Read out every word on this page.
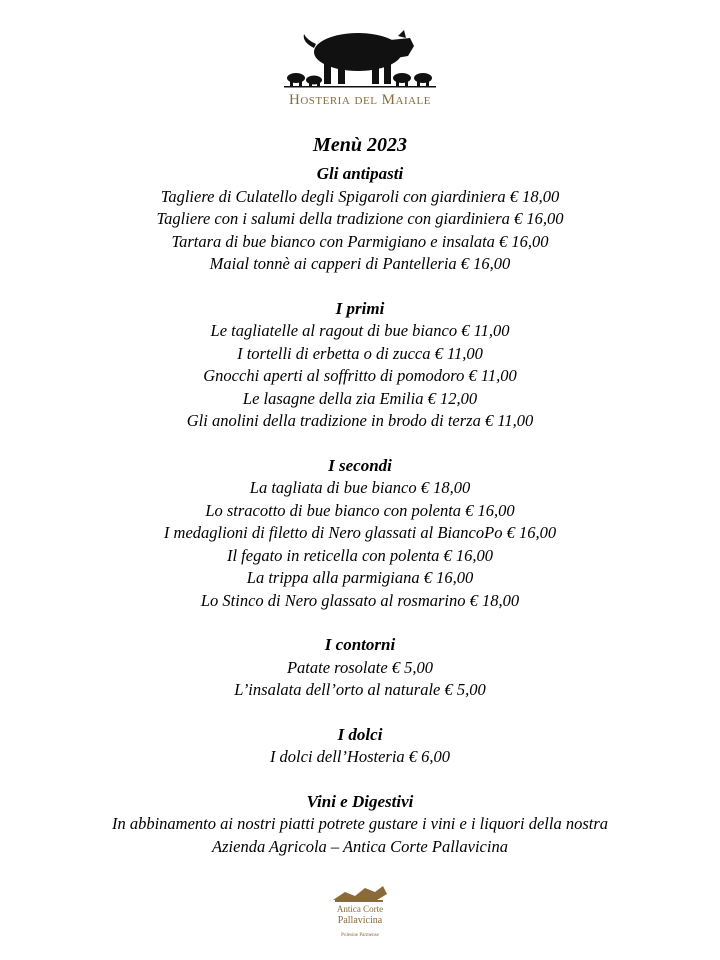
Hosteria del Maiale
Menù 2023
Gli antipasti
Tagliere di Culatello degli Spigaroli con giardiniera € 18,00
Tagliere con i salumi della tradizione con giardiniera € 16,00
Tartara di bue bianco con Parmigiano e insalata € 16,00
Maial tonnè ai capperi di Pantelleria € 16,00
I primi
Le tagliatelle al ragout di bue bianco € 11,00
I tortelli di erbetta o di zucca € 11,00
Gnocchi aperti al soffritto di pomodoro € 11,00
Le lasagne della zia Emilia € 12,00
Gli anolini della tradizione in brodo di terza € 11,00
I secondi
La tagliata di bue bianco € 18,00
Lo stracotto di bue bianco con polenta € 16,00
I medaglioni di filetto di Nero glassati al BiancoPo € 16,00
Il fegato in reticella con polenta € 16,00
La trippa alla parmigiana € 16,00
Lo Stinco di Nero glassato al rosmarino € 18,00
I contorni
Patate rosolate € 5,00
L’insalata dell’orto al naturale € 5,00
I dolci
I dolci dell’Hosteria € 6,00
Vini e Digestivi
In abbinamento ai nostri piatti potrete gustare i vini e i liquori della nostra
Azienda Agricola – Antica Corte Pallavicina
Antica Corte
Pallavicina
Polesine Parmense
